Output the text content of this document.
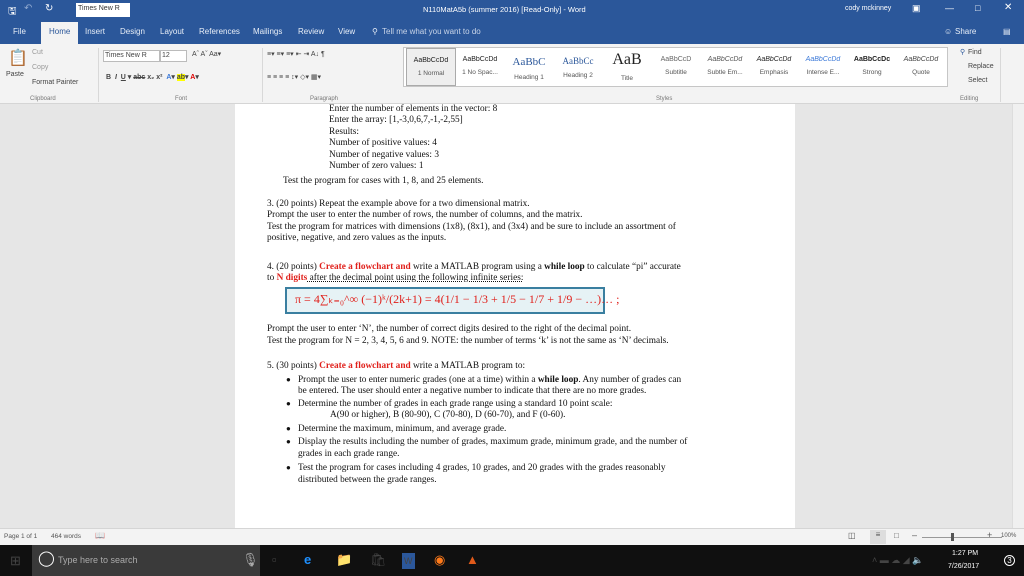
🖫 ↶ ↻	Times New R	N110MatA5b (summer 2016) [Read-Only] - Word	cody mckinney ▣	— □ ✕
File	Home	Insert Design Layout References Mailings Review View ⚲ Tell me what you want to do	Share
☺	▤
📋
Paste
Cut
Copy
Format Painter
Clipboard
Times New R	12	Aˆ Aˇ Aa▾
B  I U ▾ abc x₂ x²  A▾ ab▾ A▾
Font
≡▾ ≡▾ ≡▾ ⇤ ⇥ A↓ ¶
≡ ≡ ≡ ≡ ↕▾ ◇▾ ▦▾
Paragraph
AaBbCcDd
1 Normal
AaBbCcDd
1 No Spac...
AaBbC
Heading 1
AaBbCc
Heading 2
AaB
Title
AaBbCcD
Subtitle
AaBbCcDd
Subtle Em...
AaBbCcDd
Emphasis
AaBbCcDd
Intense E...
AaBbCcDc
Strong
AaBbCcDd
Quote
Styles
⚲ Find
Replace
Select
Editing
Enter the number of elements in the vector: 8
Enter the array: [1,-3,0,6,7,-1,-2,55]
Results:
Number of positive values: 4
Number of negative values: 3
Number of zero values: 1
Test the program for cases with 1, 8, and 25 elements.
3. (20 points) Repeat the example above for a two dimensional matrix.
Prompt the user to enter the number of rows, the number of columns, and the matrix.
Test the program for matrices with dimensions (1x8), (8x1), and (3x4) and be sure to include an assortment of
positive, negative, and zero values as the inputs.
4. (20 points) Create a flowchart and write a MATLAB program using a while loop to calculate “pi” accurate
to N digits after the decimal point using the following infinite series:
π = 4∑ₖ₌₀^∞ (−1)ᵏ/(2k+1) = 4(1/1 − 1/3 + 1/5 − 1/7 + 1/9 − …)… ;
Prompt the user to enter ‘N’, the number of correct digits desired to the right of the decimal point.
Test the program for N = 2, 3, 4, 5, 6 and 9. NOTE: the number of terms ‘k’ is not the same as ‘N’ decimals.
5. (30 points) Create a flowchart and write a MATLAB program to:
● Prompt the user to enter numeric grades (one at a time) within a while loop. Any number of grades can
be entered. The user should enter a negative number to indicate that there are no more grades.
● Determine the number of grades in each grade range using a standard 10 point scale:
A(90 or higher), B (80-90), C (70-80), D (60-70), and F (0-60).
● Determine the maximum, minimum, and average grade.
● Display the results including the number of grades, maximum grade, minimum grade, and the number of
grades in each grade range.
● Test the program for cases including 4 grades, 10 grades, and 20 grades with the grades reasonably
distributed between the grade ranges.
Page 1 of 1 464 words 📖	◫	≡	□ –	+ 100%
⊞	Type here to search
◯	🎙 ▫ e 📁 🛍 W ◉ ▲	˄ ▬ ☁ ◢ 🔈
1:27 PM
7/26/2017
3
